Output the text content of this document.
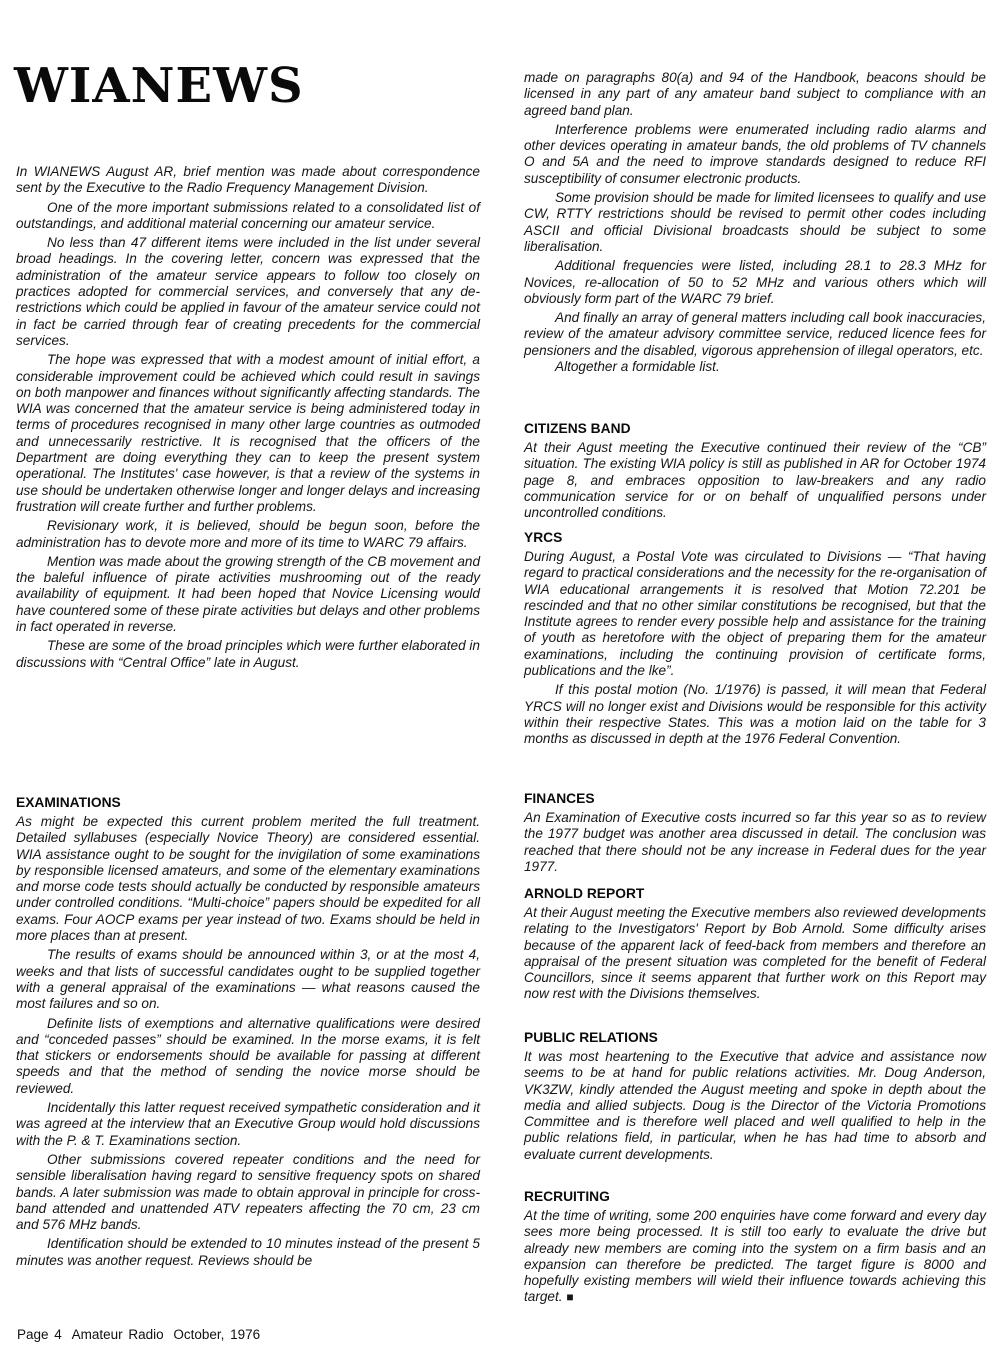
WIANEWS

In WIANEWS August AR, brief mention was made about correspondence sent by the Executive to the Radio Frequency Management Division.

One of the more important submissions related to a consolidated list of outstandings, and additional material concerning our amateur service.

No less than 47 different items were included in the list under several broad headings. In the covering letter, concern was expressed that the administration of the amateur service appears to follow too closely on practices adopted for commercial services, and conversely that any de-restrictions which could be applied in favour of the amateur service could not in fact be carried through fear of creating precedents for the commercial services.

The hope was expressed that with a modest amount of initial effort, a considerable improvement could be achieved which could result in savings on both manpower and finances without significantly affecting standards. The WIA was concerned that the amateur service is being administered today in terms of procedures recognised in many other large countries as outmoded and unnecessarily restrictive. It is recognised that the officers of the Department are doing everything they can to keep the present system operational. The Institutes' case however, is that a review of the systems in use should be undertaken otherwise longer and longer delays and increasing frustration will create further and further problems.

Revisionary work, it is believed, should be begun soon, before the administration has to devote more and more of its time to WARC 79 affairs.

Mention was made about the growing strength of the CB movement and the baleful influence of pirate activities mushrooming out of the ready availability of equipment. It had been hoped that Novice Licensing would have countered some of these pirate activities but delays and other problems in fact operated in reverse.

These are some of the broad principles which were further elaborated in discussions with “Central Office” late in August.

EXAMINATIONS

As might be expected this current problem merited the full treatment. Detailed syllabuses (especially Novice Theory) are considered essential. WIA assistance ought to be sought for the invigilation of some examinations by responsible licensed amateurs, and some of the elementary examinations and morse code tests should actually be conducted by responsible amateurs under controlled conditions. “Multi-choice” papers should be expedited for all exams. Four AOCP exams per year instead of two. Exams should be held in more places than at present.

The results of exams should be announced within 3, or at the most 4, weeks and that lists of successful candidates ought to be supplied together with a general appraisal of the examinations — what reasons caused the most failures and so on.

Definite lists of exemptions and alternative qualifications were desired and “conceded passes” should be examined. In the morse exams, it is felt that stickers or endorsements should be available for passing at different speeds and that the method of sending the novice morse should be reviewed.

Incidentally this latter request received sympathetic consideration and it was agreed at the interview that an Executive Group would hold discussions with the P. & T. Examinations section.

Other submissions covered repeater conditions and the need for sensible liberalisation having regard to sensitive frequency spots on shared bands. A later submission was made to obtain approval in principle for cross-band attended and unattended ATV repeaters affecting the 70 cm, 23 cm and 576 MHz bands.

Identification should be extended to 10 minutes instead of the present 5 minutes was another request. Reviews should be

made on paragraphs 80(a) and 94 of the Handbook, beacons should be licensed in any part of any amateur band subject to compliance with an agreed band plan.

Interference problems were enumerated including radio alarms and other devices operating in amateur bands, the old problems of TV channels O and 5A and the need to improve standards designed to reduce RFI susceptibility of consumer electronic products.

Some provision should be made for limited licensees to qualify and use CW, RTTY restrictions should be revised to permit other codes including ASCII and official Divisional broadcasts should be subject to some liberalisation.

Additional frequencies were listed, including 28.1 to 28.3 MHz for Novices, re-allocation of 50 to 52 MHz and various others which will obviously form part of the WARC 79 brief.

And finally an array of general matters including call book inaccuracies, review of the amateur advisory committee service, reduced licence fees for pensioners and the disabled, vigorous apprehension of illegal operators, etc.

Altogether a formidable list.

CITIZENS BAND

At their Agust meeting the Executive continued their review of the “CB” situation. The existing WIA policy is still as published in AR for October 1974 page 8, and embraces opposition to law-breakers and any radio communication service for or on behalf of unqualified persons under uncontrolled conditions.

YRCS

During August, a Postal Vote was circulated to Divisions — “That having regard to practical considerations and the necessity for the re-organisation of WIA educational arrangements it is resolved that Motion 72.201 be rescinded and that no other similar constitutions be recognised, but that the Institute agrees to render every possible help and assistance for the training of youth as heretofore with the object of preparing them for the amateur examinations, including the continuing provision of certificate forms, publications and the lke”.

If this postal motion (No. 1/1976) is passed, it will mean that Federal YRCS will no longer exist and Divisions would be responsible for this activity within their respective States. This was a motion laid on the table for 3 months as discussed in depth at the 1976 Federal Convention.

FINANCES

An Examination of Executive costs incurred so far this year so as to review the 1977 budget was another area discussed in detail. The conclusion was reached that there should not be any increase in Federal dues for the year 1977.

ARNOLD REPORT

At their August meeting the Executive members also reviewed developments relating to the Investigators' Report by Bob Arnold. Some difficulty arises because of the apparent lack of feed-back from members and therefore an appraisal of the present situation was completed for the benefit of Federal Councillors, since it seems apparent that further work on this Report may now rest with the Divisions themselves.

PUBLIC RELATIONS

It was most heartening to the Executive that advice and assistance now seems to be at hand for public relations activities. Mr. Doug Anderson, VK3ZW, kindly attended the August meeting and spoke in depth about the media and allied subjects. Doug is the Director of the Victoria Promotions Committee and is therefore well placed and well qualified to help in the public relations field, in particular, when he has had time to absorb and evaluate current developments.

RECRUITING

At the time of writing, some 200 enquiries have come forward and every day sees more being processed. It is still too early to evaluate the drive but already new members are coming into the system on a firm basis and an expansion can therefore be predicted. The target figure is 8000 and hopefully existing members will wield their influence towards achieving this target. ■

Page 4 Amateur Radio October, 1976
